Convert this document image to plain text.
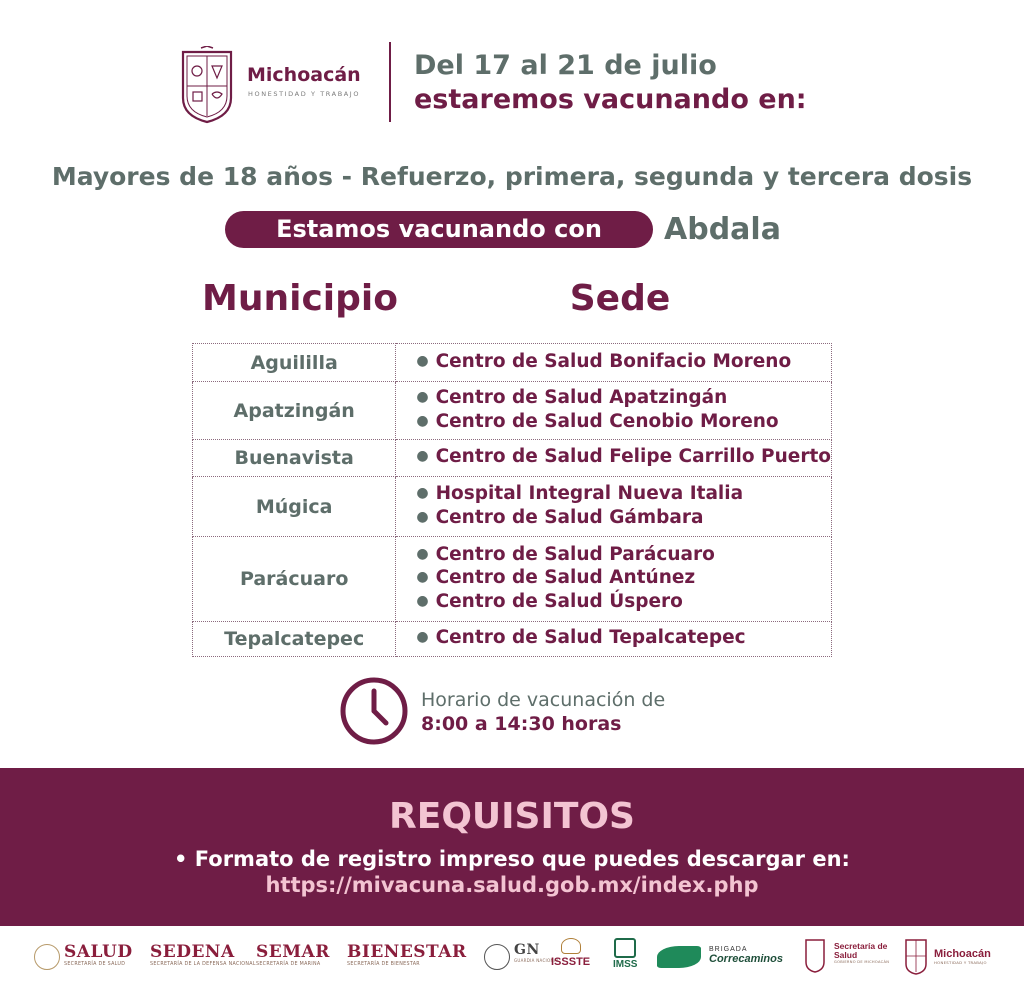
Michoacán
HONESTIDAD Y TRABAJO
Del 17 al 21 de julio
estaremos vacunando en:
Mayores de 18 años - Refuerzo, primera, segunda y tercera dosis
Estamos vacunando con	Abdala
Municipio	Sede
Aguililla	● Centro de Salud Bonifacio Moreno

Apatzingán	● Centro de Salud Apatzingán
● Centro de Salud Cenobio Moreno

Buenavista	● Centro de Salud Felipe Carrillo Puerto

Múgica	● Hospital Integral Nueva Italia
● Centro de Salud Gámbara

Parácuaro	● Centro de Salud Parácuaro
● Centro de Salud Antúnez
● Centro de Salud Úspero

Tepalcatepec	● Centro de Salud Tepalcatepec
Horario de vacunación de
8:00 a 14:30 horas
REQUISITOS
• Formato de registro impreso que puedes descargar en:
https://mivacuna.salud.gob.mx/index.php
SALUD
SECRETARÍA DE SALUD
SEDENA
SECRETARÍA DE LA DEFENSA NACIONAL
SEMAR
SECRETARÍA DE MARINA
BIENESTAR
SECRETARÍA DE BIENESTAR
GN
GUARDIA NACIONAL
ISSSTE IMSS
BRIGADA
Correcaminos
Secretaría de Salud
GOBIERNO DE MICHOACÁN
Michoacán
HONESTIDAD Y TRABAJO
